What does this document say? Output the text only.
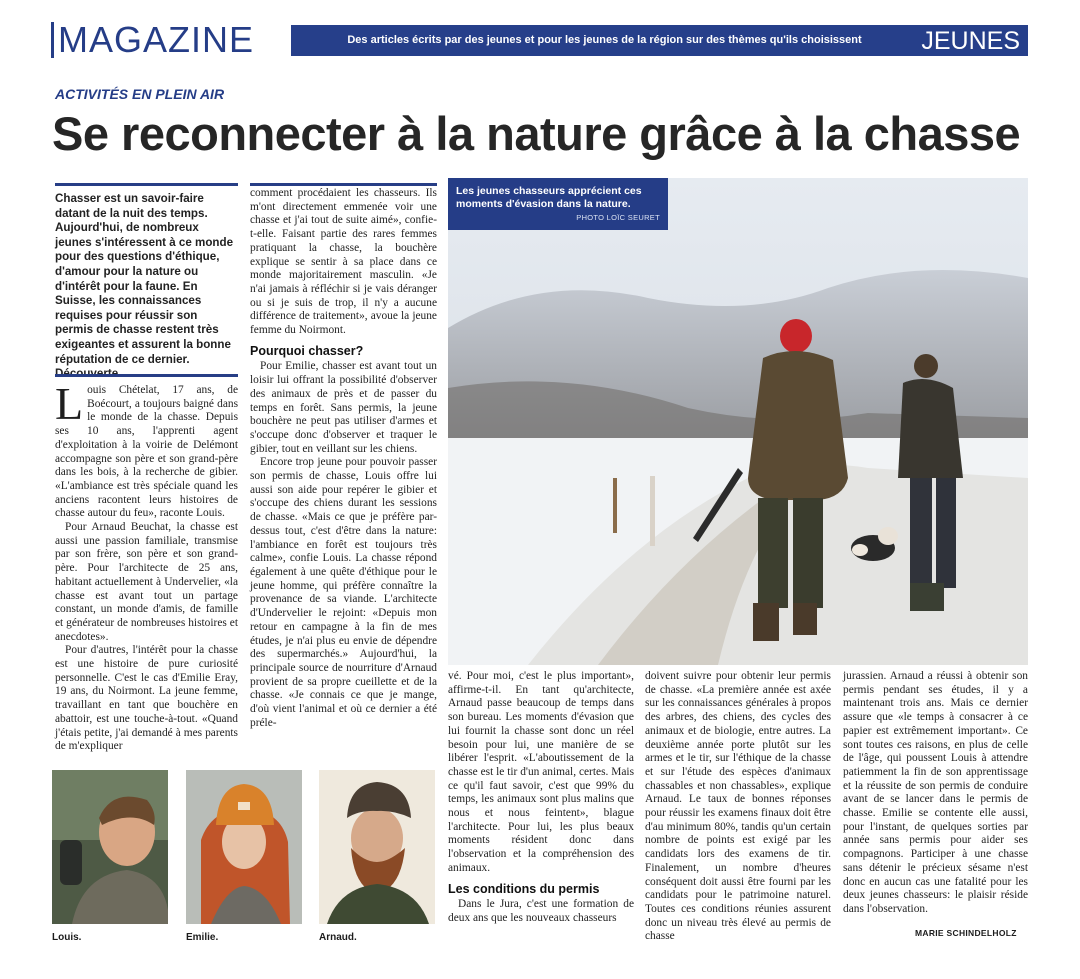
MAGAZINE	Des articles écrits par des jeunes et pour les jeunes de la région sur des thèmes qu'ils choisissent	JEUNES
ACTIVITÉS EN PLEIN AIR
Se reconnecter à la nature grâce à la chasse
Chasser est un savoir-faire datant de la nuit des temps. Aujourd'hui, de nombreux jeunes s'intéressent à ce monde pour des questions d'éthique, d'amour pour la nature ou d'intérêt pour la faune. En Suisse, les connaissances requises pour réussir son permis de chasse restent très exigeantes et assurent la bonne réputation de ce dernier.

Louis Chételat, 17 ans, de Boécourt, a toujours baigné dans le monde de la chasse. Depuis ses 10 ans, l'apprenti agent d'exploitation à la voirie de Delémont accompagne son père et son grand-père dans les bois, à la recherche de gibier. «L'ambiance est très spéciale quand les anciens racontent leurs histoires de chasse autour du feu», raconte Louis.

Pour Arnaud Beuchat, la chasse est aussi une passion familiale, transmise par son frère, son père et son grand-père. Pour l'architecte de 25 ans, habitant actuellement à Undervelier, «la chasse est avant tout un partage constant, un monde d'amis, de famille et générateur de nombreuses histoires et anecdotes».

Pour d'autres, l'intérêt pour la chasse est une histoire de pure curiosité personnelle. C'est le cas d'Emilie Eray, 19 ans, du Noirmont. La jeune femme, travaillant en tant que bouchère en abattoir, est une touche-à-tout. «Quand j'étais petite, j'ai demandé à mes parents de m'expliquer

comment procédaient les chasseurs. Ils m'ont directement emmenée voir une chasse et j'ai tout de suite aimé», confie-t-elle. Faisant partie des rares femmes pratiquant la chasse, la bouchère explique se sentir à sa place dans ce monde majoritairement masculin. «Je n'ai jamais à réfléchir si je vais déranger ou si je suis de trop, il n'y a aucune différence de traitement», avoue la jeune femme du Noirmont.

Pourquoi chasser?

Pour Emilie, chasser est avant tout un loisir lui offrant la possibilité d'observer des animaux de près et de passer du temps en forêt. Sans permis, la jeune bouchère ne peut pas utiliser d'armes et s'occupe donc d'observer et traquer le gibier, tout en veillant sur les chiens.

Encore trop jeune pour pouvoir passer son permis de chasse, Louis offre lui aussi son aide pour repérer le gibier et s'occupe des chiens durant les sessions de chasse. «Mais ce que je préfère par-dessus tout, c'est d'être dans la nature: l'ambiance en forêt est toujours très calme», confie Louis. La chasse répond également à une quête d'éthique pour le jeune homme, qui préfère connaître la provenance de sa viande. L'architecte d'Undervelier le rejoint: «Depuis mon retour en campagne à la fin de mes études, je n'ai plus eu envie de dépendre des supermarchés.» Aujourd'hui, la principale source de nourriture d'Arnaud provient de sa propre cueillette et de la chasse. «Je connais ce que je mange, d'où vient l'animal et où ce dernier a été préle-

Les jeunes chasseurs apprécient ces moments d'évasion dans la nature.
PHOTO LOÏC SEURET

vé. Pour moi, c'est le plus important», affirme-t-il. En tant qu'architecte, Arnaud passe beaucoup de temps dans son bureau. Les moments d'évasion que lui fournit la chasse sont donc un réel besoin pour lui, une manière de se libérer l'esprit. «L'aboutissement de la chasse est le tir d'un animal, certes. Mais ce qu'il faut savoir, c'est que 99% du temps, les animaux sont plus malins que nous et nous feintent», blague l'architecte. Pour lui, les plus beaux moments résident donc dans l'observation et la compréhension des animaux.

Les conditions du permis

Dans le Jura, c'est une formation de deux ans que les nouveaux chasseurs

doivent suivre pour obtenir leur permis de chasse. «La première année est axée sur les connaissances générales à propos des arbres, des chiens, des cycles des animaux et de biologie, entre autres. La deuxième année porte plutôt sur les armes et le tir, sur l'éthique de la chasse et sur l'étude des espèces d'animaux chassables et non chassables», explique Arnaud. Le taux de bonnes réponses pour réussir les examens finaux doit être d'au minimum 80%, tandis qu'un certain nombre de points est exigé par les candidats lors des examens de tir. Finalement, un nombre d'heures conséquent doit aussi être fourni par les candidats pour le patrimoine naturel. Toutes ces conditions réunies assurent donc un niveau très élevé au permis de chasse

jurassien. Arnaud a réussi à obtenir son permis pendant ses études, il y a maintenant trois ans. Mais ce dernier assure que «le temps à consacrer à ce papier est extrêmement important». Ce sont toutes ces raisons, en plus de celle de l'âge, qui poussent Louis à attendre patiemment la fin de son apprentissage et la réussite de son permis de conduire avant de se lancer dans le permis de chasse. Emilie se contente elle aussi, pour l'instant, de quelques sorties par année sans permis pour aider ses compagnons. Participer à une chasse sans détenir le précieux sésame n'est donc en aucun cas une fatalité pour les deux jeunes chasseurs: le plaisir réside dans l'observation.

MARIE SCHINDELHOLZ
Louis.	Emilie.	Arnaud.
